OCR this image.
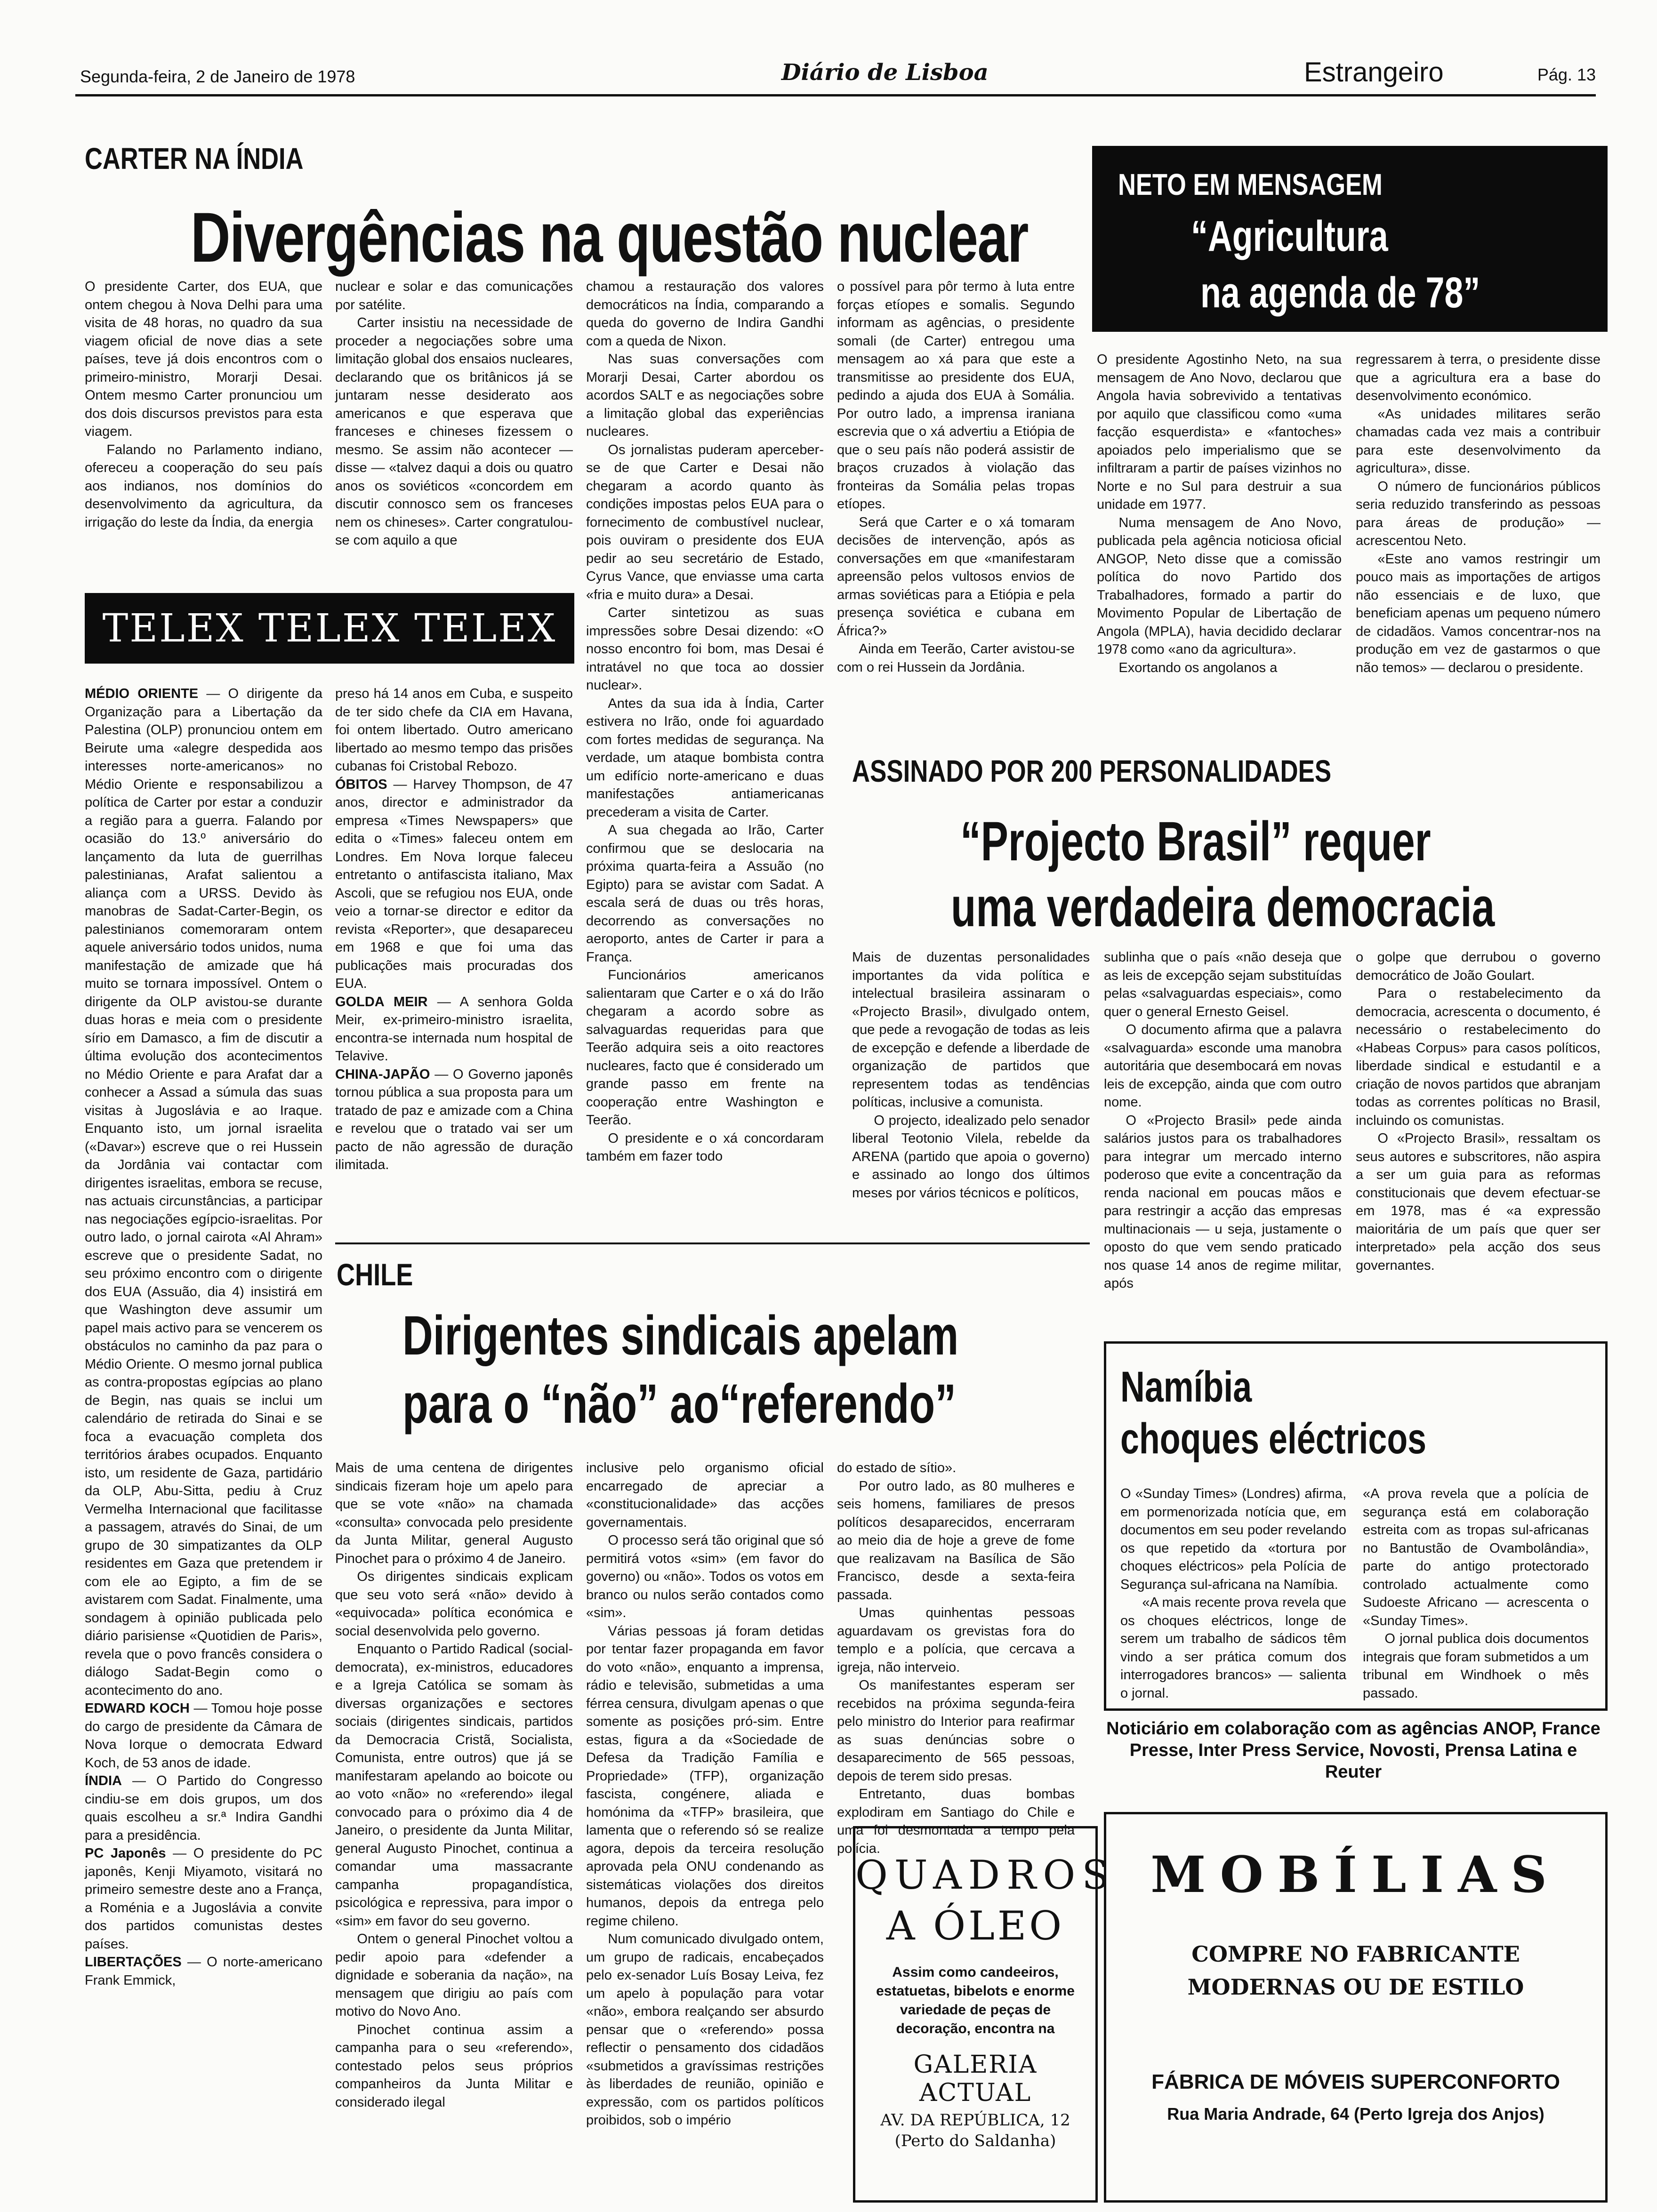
Segunda-feira, 2 de Janeiro de 1978	Diário de Lisboa	Estrangeiro	Pág. 13
CARTER NA ÍNDIA
Divergências na questão nuclear

O presidente Carter, dos EUA, que ontem chegou à Nova Delhi para uma visita de 48 horas, no quadro da sua viagem oficial de nove dias a sete países, teve já dois encontros com o primeiro-ministro, Morarji Desai. Ontem mesmo Carter pronunciou um dos dois discursos previstos para esta viagem.

Falando no Parlamento indiano, ofereceu a cooperação do seu país aos indianos, nos domínios do desenvolvimento da agricultura, da irrigação do leste da Índia, da energia

nuclear e solar e das comunicações por satélite.

Carter insistiu na necessidade de proceder a negociações sobre uma limitação global dos ensaios nucleares, declarando que os britânicos já se juntaram nesse desiderato aos americanos e que esperava que franceses e chineses fizessem o mesmo. Se assim não acontecer — disse — «talvez daqui a dois ou quatro anos os soviéticos «concordem em discutir connosco sem os franceses nem os chineses». Carter congratulou-se com aquilo a que

chamou a restauração dos valores democráticos na Índia, comparando a queda do governo de Indira Gandhi com a queda de Nixon.

Nas suas conversações com Morarji Desai, Carter abordou os acordos SALT e as negociações sobre a limitação global das experiências nucleares.

Os jornalistas puderam aperceber-se de que Carter e Desai não chegaram a acordo quanto às condições impostas pelos EUA para o fornecimento de combustível nuclear, pois ouviram o presidente dos EUA pedir ao seu secretário de Estado, Cyrus Vance, que enviasse uma carta «fria e muito dura» a Desai.

Carter sintetizou as suas impressões sobre Desai dizendo: «O nosso encontro foi bom, mas Desai é intratável no que toca ao dossier nuclear».

Antes da sua ida à Índia, Carter estivera no Irão, onde foi aguardado com fortes medidas de segurança. Na verdade, um ataque bombista contra um edifício norte-americano e duas manifestações antiamericanas precederam a visita de Carter.

A sua chegada ao Irão, Carter confirmou que se deslocaria na próxima quarta-feira a Assuão (no Egipto) para se avistar com Sadat. A escala será de duas ou três horas, decorrendo as conversações no aeroporto, antes de Carter ir para a França.

Funcionários americanos salientaram que Carter e o xá do Irão chegaram a acordo sobre as salvaguardas requeridas para que Teerão adquira seis a oito reactores nucleares, facto que é considerado um grande passo em frente na cooperação entre Washington e Teerão.

O presidente e o xá concordaram também em fazer todo

o possível para pôr termo à luta entre forças etíopes e somalis. Segundo informam as agências, o presidente somali (de Carter) entregou uma mensagem ao xá para que este a transmitisse ao presidente dos EUA, pedindo a ajuda dos EUA à Somália. Por outro lado, a imprensa iraniana escrevia que o xá advertiu a Etiópia de que o seu país não poderá assistir de braços cruzados à violação das fronteiras da Somália pelas tropas etíopes.

Será que Carter e o xá tomaram decisões de intervenção, após as conversações em que «manifestaram apreensão pelos vultosos envios de armas soviéticas para a Etiópia e pela presença soviética e cubana em África?»

Ainda em Teerão, Carter avistou-se com o rei Hussein da Jordânia.

NETO EM MENSAGEM
“Agricultura
na agenda de 78”

O presidente Agostinho Neto, na sua mensagem de Ano Novo, declarou que Angola havia sobrevivido a tentativas por aquilo que classificou como «uma facção esquerdista» e «fantoches» apoiados pelo imperialismo que se infiltraram a partir de países vizinhos no Norte e no Sul para destruir a sua unidade em 1977.

Numa mensagem de Ano Novo, publicada pela agência noticiosa oficial ANGOP, Neto disse que a comissão política do novo Partido dos Trabalhadores, formado a partir do Movimento Popular de Libertação de Angola (MPLA), havia decidido declarar 1978 como «ano da agricultura».

Exortando os angolanos a

regressarem à terra, o presidente disse que a agricultura era a base do desenvolvimento económico.

«As unidades militares serão chamadas cada vez mais a contribuir para este desenvolvimento da agricultura», disse.

O número de funcionários públicos seria reduzido transferindo as pessoas para áreas de produção» — acrescentou Neto.

«Este ano vamos restringir um pouco mais as importações de artigos não essenciais e de luxo, que beneficiam apenas um pequeno número de cidadãos. Vamos concentrar-nos na produção em vez de gastarmos o que não temos» — declarou o presidente.

TELEX TELEX TELEX

MÉDIO ORIENTE — O dirigente da Organização para a Libertação da Palestina (OLP) pronunciou ontem em Beirute uma «alegre despedida aos interesses norte-americanos» no Médio Oriente e responsabilizou a política de Carter por estar a conduzir a região para a guerra. Falando por ocasião do 13.º aniversário do lançamento da luta de guerrilhas palestinianas, Arafat salientou a aliança com a URSS. Devido às manobras de Sadat-Carter-Begin, os palestinianos comemoraram ontem aquele aniversário todos unidos, numa manifestação de amizade que há muito se tornara impossível. Ontem o dirigente da OLP avistou-se durante duas horas e meia com o presidente sírio em Damasco, a fim de discutir a última evolução dos acontecimentos no Médio Oriente e para Arafat dar a conhecer a Assad a súmula das suas visitas à Jugoslávia e ao Iraque. Enquanto isto, um jornal israelita («Davar») escreve que o rei Hussein da Jordânia vai contactar com dirigentes israelitas, embora se recuse, nas actuais circunstâncias, a participar nas negociações egípcio-israelitas. Por outro lado, o jornal cairota «Al Ahram» escreve que o presidente Sadat, no seu próximo encontro com o dirigente dos EUA (Assuão, dia 4) insistirá em que Washington deve assumir um papel mais activo para se vencerem os obstáculos no caminho da paz para o Médio Oriente. O mesmo jornal publica as contra-propostas egípcias ao plano de Begin, nas quais se inclui um calendário de retirada do Sinai e se foca a evacuação completa dos territórios árabes ocupados. Enquanto isto, um residente de Gaza, partidário da OLP, Abu-Sitta, pediu à Cruz Vermelha Internacional que facilitasse a passagem, através do Sinai, de um grupo de 30 simpatizantes da OLP residentes em Gaza que pretendem ir com ele ao Egipto, a fim de se avistarem com Sadat. Finalmente, uma sondagem à opinião publicada pelo diário parisiense «Quotidien de Paris», revela que o povo francês considera o diálogo Sadat-Begin como o acontecimento do ano.

EDWARD KOCH — Tomou hoje posse do cargo de presidente da Câmara de Nova Iorque o democrata Edward Koch, de 53 anos de idade.

ÍNDIA — O Partido do Congresso cindiu-se em dois grupos, um dos quais escolheu a sr.ª Indira Gandhi para a presidência.

PC Japonês — O presidente do PC japonês, Kenji Miyamoto, visitará no primeiro semestre deste ano a França, a Roménia e a Jugoslávia a convite dos partidos comunistas destes países.

LIBERTAÇÕES — O norte-americano Frank Emmick,

preso há 14 anos em Cuba, e suspeito de ter sido chefe da CIA em Havana, foi ontem libertado. Outro americano libertado ao mesmo tempo das prisões cubanas foi Cristobal Rebozo.

ÓBITOS — Harvey Thompson, de 47 anos, director e administrador da empresa «Times Newspapers» que edita o «Times» faleceu ontem em Londres. Em Nova Iorque faleceu entretanto o antifascista italiano, Max Ascoli, que se refugiou nos EUA, onde veio a tornar-se director e editor da revista «Reporter», que desapareceu em 1968 e que foi uma das publicações mais procuradas dos EUA.

GOLDA MEIR — A senhora Golda Meir, ex-primeiro-ministro israelita, encontra-se internada num hospital de Telavive.

CHINA-JAPÃO — O Governo japonês tornou pública a sua proposta para um tratado de paz e amizade com a China e revelou que o tratado vai ser um pacto de não agressão de duração ilimitada.

ASSINADO POR 200 PERSONALIDADES
“Projecto Brasil” requer
uma verdadeira democracia

Mais de duzentas personalidades importantes da vida política e intelectual brasileira assinaram o «Projecto Brasil», divulgado ontem, que pede a revogação de todas as leis de excepção e defende a liberdade de organização de partidos que representem todas as tendências políticas, inclusive a comunista.

O projecto, idealizado pelo senador liberal Teotonio Vilela, rebelde da ARENA (partido que apoia o governo) e assinado ao longo dos últimos meses por vários técnicos e políticos,

sublinha que o país «não deseja que as leis de excepção sejam substituídas pelas «salvaguardas especiais», como quer o general Ernesto Geisel.

O documento afirma que a palavra «salvaguarda» esconde uma manobra autoritária que desembocará em novas leis de excepção, ainda que com outro nome.

O «Projecto Brasil» pede ainda salários justos para os trabalhadores para integrar um mercado interno poderoso que evite a concentração da renda nacional em poucas mãos e para restringir a acção das empresas multinacionais — u seja, justamente o oposto do que vem sendo praticado nos quase 14 anos de regime militar, após

o golpe que derrubou o governo democrático de João Goulart.

Para o restabelecimento da democracia, acrescenta o documento, é necessário o restabelecimento do «Habeas Corpus» para casos políticos, liberdade sindical e estudantil e a criação de novos partidos que abranjam todas as correntes políticas no Brasil, incluindo os comunistas.

O «Projecto Brasil», ressaltam os seus autores e subscritores, não aspira a ser um guia para as reformas constitucionais que devem efectuar-se em 1978, mas é «a expressão maioritária de um país que quer ser interpretado» pela acção dos seus governantes.

CHILE
Dirigentes sindicais apelam
para o “não” ao“referendo”

Mais de uma centena de dirigentes sindicais fizeram hoje um apelo para que se vote «não» na chamada «consulta» convocada pelo presidente da Junta Militar, general Augusto Pinochet para o próximo 4 de Janeiro.

Os dirigentes sindicais explicam que seu voto será «não» devido à «equivocada» política económica e social desenvolvida pelo governo.

Enquanto o Partido Radical (social-democrata), ex-ministros, educadores e a Igreja Católica se somam às diversas organizações e sectores sociais (dirigentes sindicais, partidos da Democracia Cristã, Socialista, Comunista, entre outros) que já se manifestaram apelando ao boicote ou ao voto «não» no «referendo» ilegal convocado para o próximo dia 4 de Janeiro, o presidente da Junta Militar, general Augusto Pinochet, continua a comandar uma massacrante campanha propagandística, psicológica e repressiva, para impor o «sim» em favor do seu governo.

Ontem o general Pinochet voltou a pedir apoio para «defender a dignidade e soberania da nação», na mensagem que dirigiu ao país com motivo do Novo Ano.

Pinochet continua assim a campanha para o seu «referendo», contestado pelos seus próprios companheiros da Junta Militar e considerado ilegal

inclusive pelo organismo oficial encarregado de apreciar a «constitucionalidade» das acções governamentais.

O processo será tão original que só permitirá votos «sim» (em favor do governo) ou «não». Todos os votos em branco ou nulos serão contados como «sim».

Várias pessoas já foram detidas por tentar fazer propaganda em favor do voto «não», enquanto a imprensa, rádio e televisão, submetidas a uma férrea censura, divulgam apenas o que somente as posições pró-sim. Entre estas, figura a da «Sociedade de Defesa da Tradição Família e Propriedade» (TFP), organização fascista, congénere, aliada e homónima da «TFP» brasileira, que lamenta que o referendo só se realize agora, depois da terceira resolução aprovada pela ONU condenando as sistemáticas violações dos direitos humanos, depois da entrega pelo regime chileno.

Num comunicado divulgado ontem, um grupo de radicais, encabeçados pelo ex-senador Luís Bosay Leiva, fez um apelo à população para votar «não», embora realçando ser absurdo pensar que o «referendo» possa reflectir o pensamento dos cidadãos «submetidos a gravíssimas restrições às liberdades de reunião, opinião e expressão, com os partidos políticos proibidos, sob o império

do estado de sítio».

Por outro lado, as 80 mulheres e seis homens, familiares de presos políticos desaparecidos, encerraram ao meio dia de hoje a greve de fome que realizavam na Basílica de São Francisco, desde a sexta-feira passada.

Umas quinhentas pessoas aguardavam os grevistas fora do templo e a polícia, que cercava a igreja, não interveio.

Os manifestantes esperam ser recebidos na próxima segunda-feira pelo ministro do Interior para reafirmar as suas denúncias sobre o desaparecimento de 565 pessoas, depois de terem sido presas.

Entretanto, duas bombas explodiram em Santiago do Chile e uma foi desmontada a tempo pela polícia.

Namíbia
choques eléctricos

O «Sunday Times» (Londres) afirma, em pormenorizada notícia que, em documentos em seu poder revelando os que repetido da «tortura por choques eléctricos» pela Polícia de Segurança sul-africana na Namíbia.

«A mais recente prova revela que os choques eléctricos, longe de serem um trabalho de sádicos têm vindo a ser prática comum dos interrogadores brancos» — salienta o jornal.

«A prova revela que a polícia de segurança está em colaboração estreita com as tropas sul-africanas no Bantustão de Ovambolândia», parte do antigo protectorado controlado actualmente como Sudoeste Africano — acrescenta o «Sunday Times».

O jornal publica dois documentos integrais que foram submetidos a um tribunal em Windhoek o mês passado.

Noticiário em colaboração com as agências ANOP, France Presse, Inter Press Service, Novosti, Prensa Latina e Reuter
QUADROS
A ÓLEO
Assim como candeeiros, estatuetas, bibelots e enorme variedade de peças de decoração, encontra na
GALERIA ACTUAL
AV. DA REPÚBLICA, 12
(Perto do Saldanha)
MOBÍLIAS
COMPRE NO FABRICANTE
MODERNAS OU DE ESTILO
FÁBRICA DE MÓVEIS SUPERCONFORTO
Rua Maria Andrade, 64 (Perto Igreja dos Anjos)
